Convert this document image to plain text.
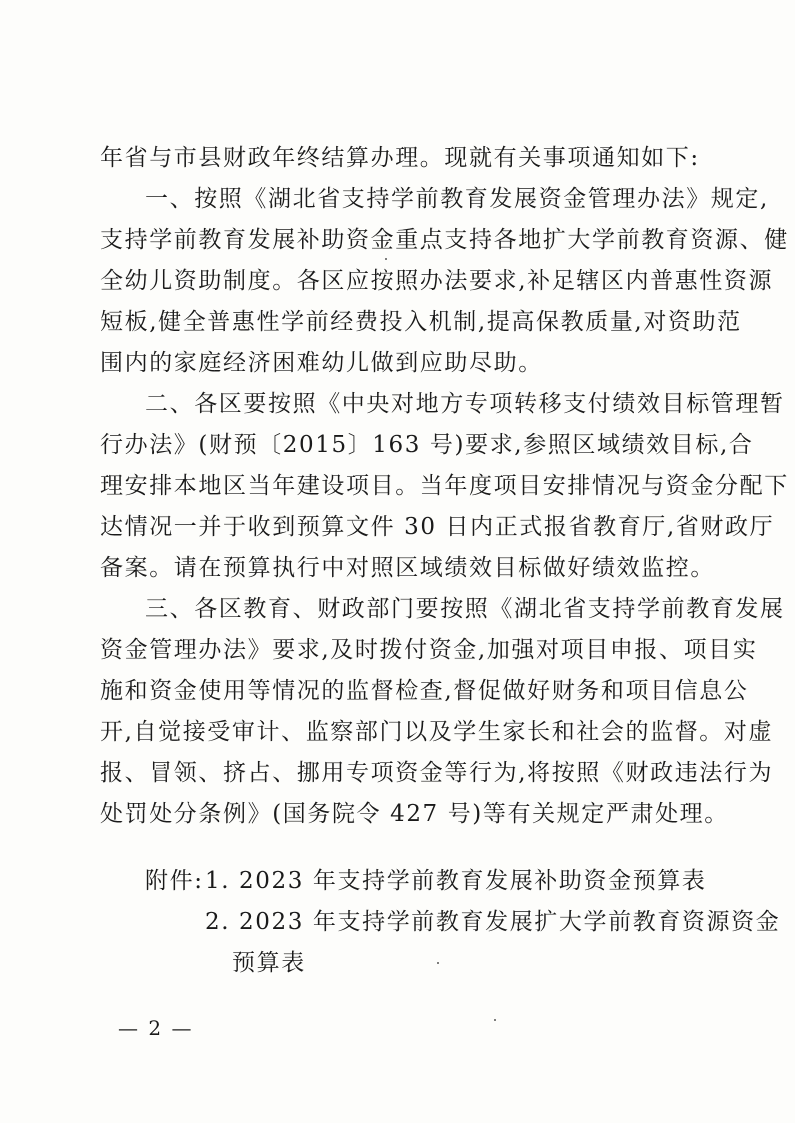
年省与市县财政年终结算办理。现就有关事项通知如下:
一、按照《湖北省支持学前教育发展资金管理办法》规定,
支持学前教育发展补助资金重点支持各地扩大学前教育资源、健
全幼儿资助制度。各区应按照办法要求,补足辖区内普惠性资源
短板,健全普惠性学前经费投入机制,提高保教质量,对资助范
围内的家庭经济困难幼儿做到应助尽助。
二、各区要按照《中央对地方专项转移支付绩效目标管理暂
行办法》(财预〔2015〕163 号)要求,参照区域绩效目标,合
理安排本地区当年建设项目。当年度项目安排情况与资金分配下
达情况一并于收到预算文件 30 日内正式报省教育厅,省财政厅
备案。请在预算执行中对照区域绩效目标做好绩效监控。
三、各区教育、财政部门要按照《湖北省支持学前教育发展
资金管理办法》要求,及时拨付资金,加强对项目申报、项目实
施和资金使用等情况的监督检查,督促做好财务和项目信息公
开,自觉接受审计、监察部门以及学生家长和社会的监督。对虚
报、冒领、挤占、挪用专项资金等行为,将按照《财政违法行为
处罚处分条例》(国务院令 427 号)等有关规定严肃处理。
附件: 1. 2023 年支持学前教育发展补助资金预算表
2. 2023 年支持学前教育发展扩大学前教育资源资金
预算表
— 2 —
